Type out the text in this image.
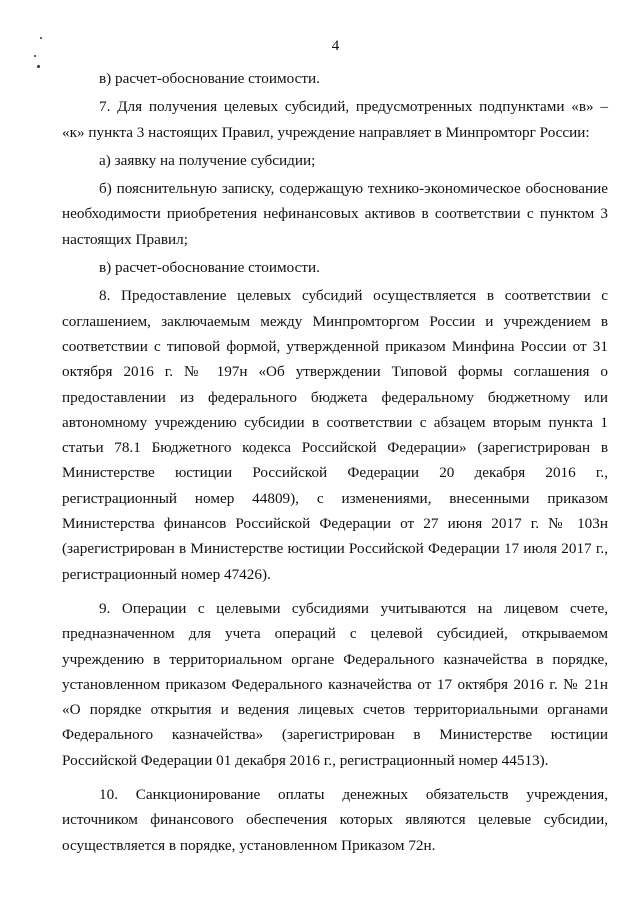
4

в) расчет-обоснование стоимости.

7. Для получения целевых субсидий, предусмотренных подпунктами «в» – «к» пункта 3 настоящих Правил, учреждение направляет в Минпромторг России:

а) заявку на получение субсидии;

б) пояснительную записку, содержащую технико-экономическое обоснование необходимости приобретения нефинансовых активов в соответствии с пунктом 3 настоящих Правил;

в) расчет-обоснование стоимости.

8. Предоставление целевых субсидий осуществляется в соответствии с соглашением, заключаемым между Минпромторгом России и учреждением в соответствии с типовой формой, утвержденной приказом Минфина России от 31 октября 2016 г. № 197н «Об утверждении Типовой формы соглашения о предоставлении из федерального бюджета федеральному бюджетному или автономному учреждению субсидии в соответствии с абзацем вторым пункта 1 статьи 78.1 Бюджетного кодекса Российской Федерации» (зарегистрирован в Министерстве юстиции Российской Федерации 20 декабря 2016 г., регистрационный номер 44809), с изменениями, внесенными приказом Министерства финансов Российской Федерации от 27 июня 2017 г. № 103н (зарегистрирован в Министерстве юстиции Российской Федерации 17 июля 2017 г., регистрационный номер 47426).

9. Операции с целевыми субсидиями учитываются на лицевом счете, предназначенном для учета операций с целевой субсидией, открываемом учреждению в территориальном органе Федерального казначейства в порядке, установленном приказом Федерального казначейства от 17 октября 2016 г. № 21н «О порядке открытия и ведения лицевых счетов территориальными органами Федерального казначейства» (зарегистрирован в Министерстве юстиции Российской Федерации 01 декабря 2016 г., регистрационный номер 44513).

10. Санкционирование оплаты денежных обязательств учреждения, источником финансового обеспечения которых являются целевые субсидии, осуществляется в порядке, установленном Приказом 72н.
